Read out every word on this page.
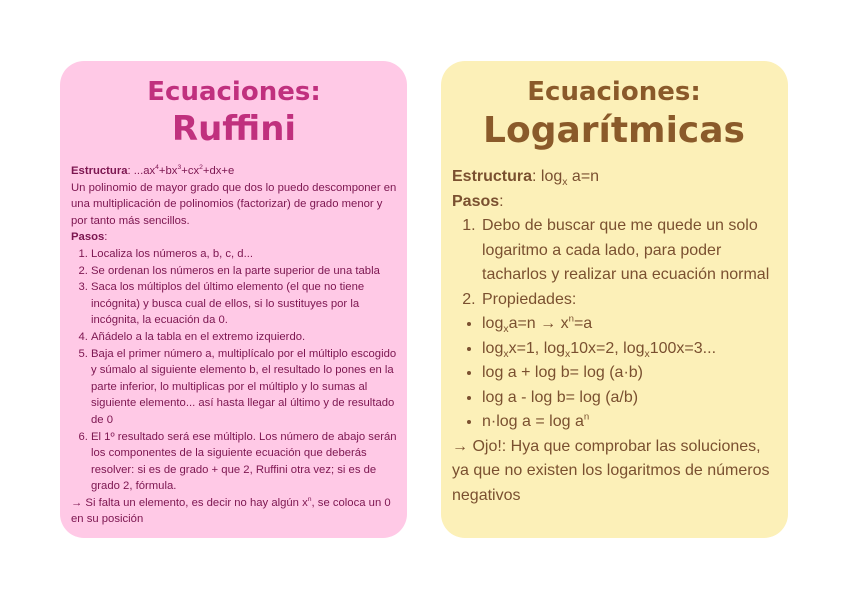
Ecuaciones:
Ruffini
Estructura: $...ax^4+bx^3+cx^2+dx+e$
Un polinomio de mayor grado que dos lo puedo descomponer en una multiplicación de polinomios (factorizar) de grado menor y por tanto más sencillos.
Pasos:
1. Localiza los números a, b, c, d...
2. Se ordenan los números en la parte superior de una tabla
3. Saca los múltiplos del último elemento (el que no tiene incógnita) y busca cual de ellos, si lo sustituyes por la incógnita, la ecuación da 0.
4. Añádelo a la tabla en el extremo izquierdo.
5. Baja el primer número a, multiplícalo por el múltiplo escogido y súmalo al siguiente elemento b, el resultado lo pones en la parte inferior, lo multiplicas por el múltiplo y lo sumas al siguiente elemento... así hasta llegar al último y de resultado de 0
6. El 1º resultado será ese múltiplo. Los número de abajo serán los componentes de la siguiente ecuación que deberás resolver: si es de grado + que 2, Ruffini otra vez; si es de grado 2, fórmula.
→ Si falta un elemento, es decir no hay algún $x^n$, se coloca un 0 en su posición
Ecuaciones:
Logarítmicas
Estructura: $\log_x a=n$
Pasos:
1. Debo de buscar que me quede un solo logaritmo a cada lado, para poder tacharlos y realizar una ecuación normal
2. Propiedades:
• $\log_xa=n \to x^n=a$
• $\log_xx=1$, $\log_x10x=2$, $\log_x100x=3$...
• log a + log b= log (a·b)
• log a - log b= log (a/b)
• n·log $a = \log a^n$
→ Ojo!: Hya que comprobar las soluciones, ya que no existen los logaritmos de números negativos
